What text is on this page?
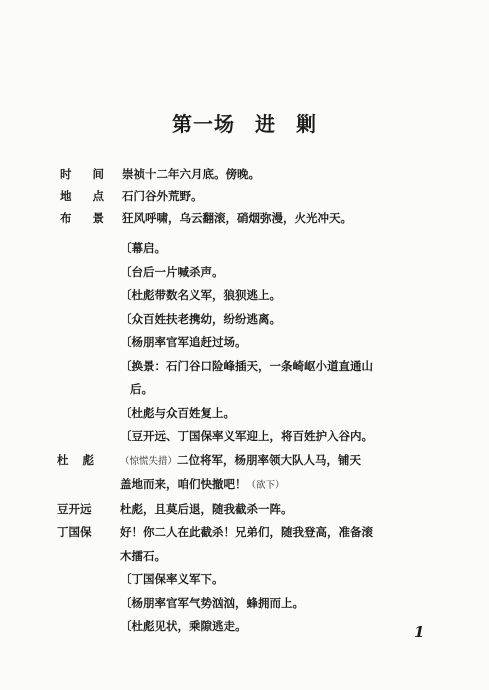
第一场 进 剿
时 间 崇祯十二年六月底。傍晚。
地 点 石门谷外荒野。
布 景 狂风呼啸，乌云翻滚，硝烟弥漫，火光冲天。
〔幕启。
〔台后一片喊杀声。
〔杜彪带数名义军，狼狈逃上。
〔众百姓扶老携幼，纷纷逃离。
〔杨朋率官军追赶过场。
〔换景：石门谷口险峰插天，一条崎岖小道直通山
后。
〔杜彪与众百姓复上。
〔豆开远、丁国保率义军迎上，将百姓护入谷内。
杜 彪	（惊慌失措）二位将军，杨朋率领大队人马，铺天
盖地而来，咱们快撤吧！（欲下）
豆开远	杜彪，且莫后退，随我截杀一阵。
丁国保	好！你二人在此截杀！兄弟们，随我登高，准备滚
木擂石。
〔丁国保率义军下。
〔杨朋率官军气势汹汹，蜂拥而上。
〔杜彪见状，乘隙逃走。	1
